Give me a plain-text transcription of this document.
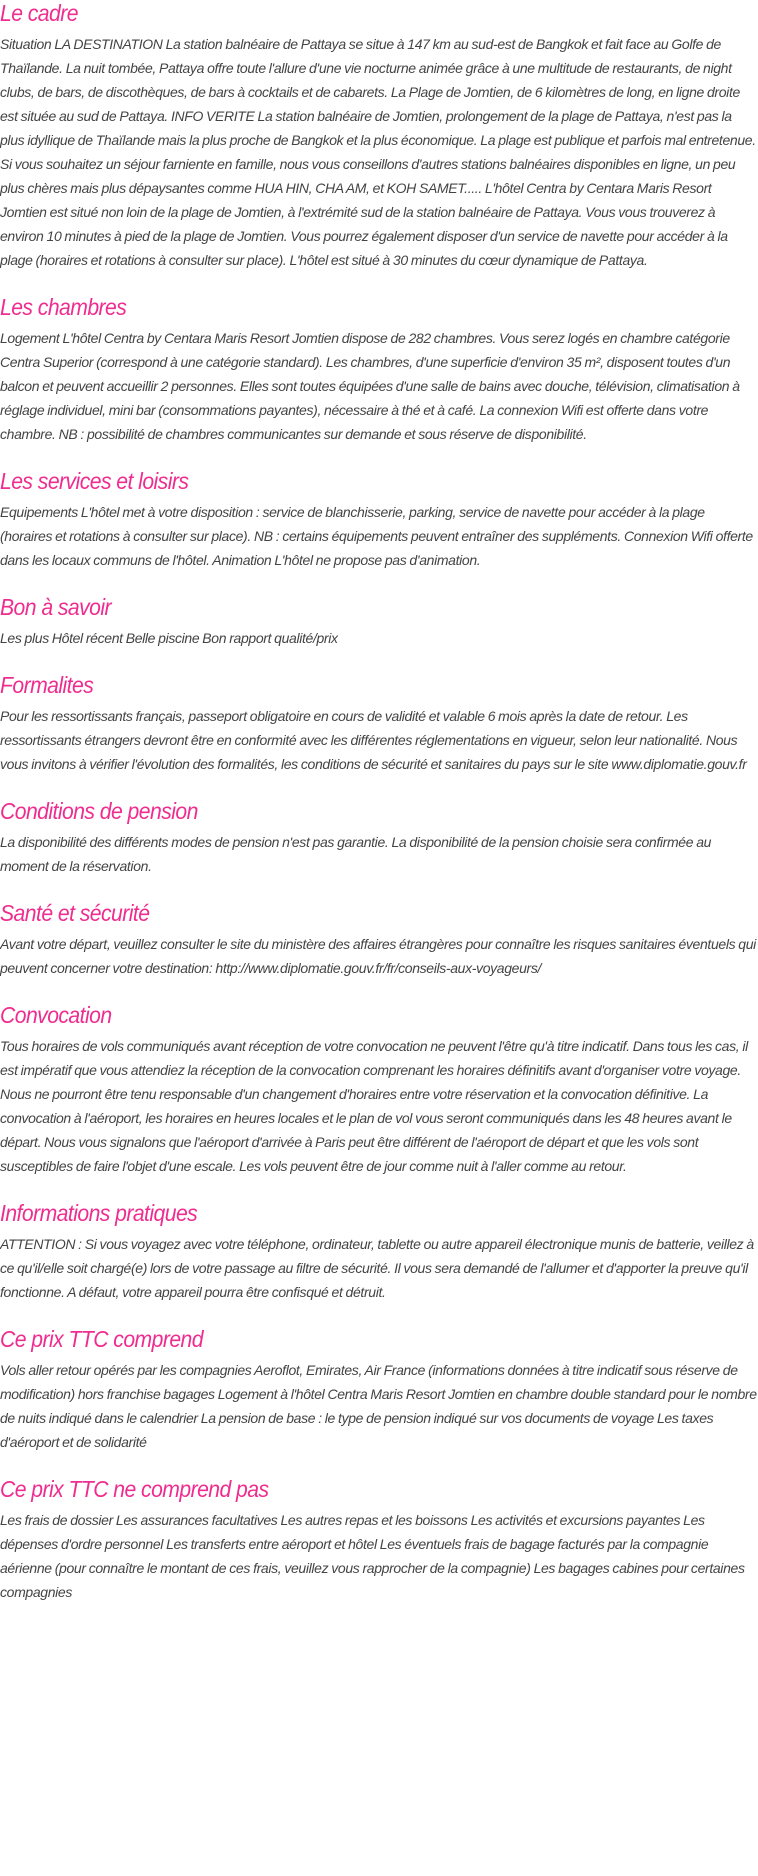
Le cadre

Situation LA DESTINATION La station balnéaire de Pattaya se situe à 147 km au sud-est de Bangkok et fait face au Golfe de Thaïlande. La nuit tombée, Pattaya offre toute l'allure d'une vie nocturne animée grâce à une multitude de restaurants, de night clubs, de bars, de discothèques, de bars à cocktails et de cabarets. La Plage de Jomtien, de 6 kilomètres de long, en ligne droite est située au sud de Pattaya. INFO VERITE La station balnéaire de Jomtien, prolongement de la plage de Pattaya, n'est pas la plus idyllique de Thaïlande mais la plus proche de Bangkok et la plus économique. La plage est publique et parfois mal entretenue. Si vous souhaitez un séjour farniente en famille, nous vous conseillons d'autres stations balnéaires disponibles en ligne, un peu plus chères mais plus dépaysantes comme HUA HIN, CHA AM, et KOH SAMET..... L'hôtel Centra by Centara Maris Resort Jomtien est situé non loin de la plage de Jomtien, à l'extrémité sud de la station balnéaire de Pattaya. Vous vous trouverez à environ 10 minutes à pied de la plage de Jomtien. Vous pourrez également disposer d'un service de navette pour accéder à la plage (horaires et rotations à consulter sur place). L'hôtel est situé à 30 minutes du cœur dynamique de Pattaya.

Les chambres

Logement L'hôtel Centra by Centara Maris Resort Jomtien dispose de 282 chambres. Vous serez logés en chambre catégorie Centra Superior (correspond à une catégorie standard). Les chambres, d'une superficie d'environ 35 m², disposent toutes d'un balcon et peuvent accueillir 2 personnes. Elles sont toutes équipées d'une salle de bains avec douche, télévision, climatisation à réglage individuel, mini bar (consommations payantes), nécessaire à thé et à café. La connexion Wifi est offerte dans votre chambre. NB : possibilité de chambres communicantes sur demande et sous réserve de disponibilité.

Les services et loisirs

Equipements L'hôtel met à votre disposition : service de blanchisserie, parking, service de navette pour accéder à la plage (horaires et rotations à consulter sur place). NB : certains équipements peuvent entraîner des suppléments. Connexion Wifi offerte dans les locaux communs de l'hôtel. Animation L'hôtel ne propose pas d'animation.

Bon à savoir

Les plus Hôtel récent Belle piscine Bon rapport qualité/prix

Formalites

Pour les ressortissants français, passeport obligatoire en cours de validité et valable 6 mois après la date de retour. Les ressortissants étrangers devront être en conformité avec les différentes réglementations en vigueur, selon leur nationalité. Nous vous invitons à vérifier l'évolution des formalités, les conditions de sécurité et sanitaires du pays sur le site www.diplomatie.gouv.fr

Conditions de pension

La disponibilité des différents modes de pension n'est pas garantie. La disponibilité de la pension choisie sera confirmée au moment de la réservation.

Santé et sécurité

Avant votre départ, veuillez consulter le site du ministère des affaires étrangères pour connaître les risques sanitaires éventuels qui peuvent concerner votre destination: http://www.diplomatie.gouv.fr/fr/conseils-aux-voyageurs/

Convocation

Tous horaires de vols communiqués avant réception de votre convocation ne peuvent l'être qu'à titre indicatif. Dans tous les cas, il est impératif que vous attendiez la réception de la convocation comprenant les horaires définitifs avant d'organiser votre voyage. Nous ne pourront être tenu responsable d'un changement d'horaires entre votre réservation et la convocation définitive. La convocation à l'aéroport, les horaires en heures locales et le plan de vol vous seront communiqués dans les 48 heures avant le départ. Nous vous signalons que l'aéroport d'arrivée à Paris peut être différent de l'aéroport de départ et que les vols sont susceptibles de faire l'objet d'une escale. Les vols peuvent être de jour comme nuit à l'aller comme au retour.

Informations pratiques

ATTENTION : Si vous voyagez avec votre téléphone, ordinateur, tablette ou autre appareil électronique munis de batterie, veillez à ce qu'il/elle soit chargé(e) lors de votre passage au filtre de sécurité. Il vous sera demandé de l'allumer et d'apporter la preuve qu'il fonctionne. A défaut, votre appareil pourra être confisqué et détruit.

Ce prix TTC comprend

Vols aller retour opérés par les compagnies Aeroflot, Emirates, Air France (informations données à titre indicatif sous réserve de modification) hors franchise bagages Logement à l'hôtel Centra Maris Resort Jomtien en chambre double standard pour le nombre de nuits indiqué dans le calendrier La pension de base : le type de pension indiqué sur vos documents de voyage Les taxes d'aéroport et de solidarité

Ce prix TTC ne comprend pas

Les frais de dossier Les assurances facultatives Les autres repas et les boissons Les activités et excursions payantes Les dépenses d'ordre personnel Les transferts entre aéroport et hôtel Les éventuels frais de bagage facturés par la compagnie aérienne (pour connaître le montant de ces frais, veuillez vous rapprocher de la compagnie) Les bagages cabines pour certaines compagnies
